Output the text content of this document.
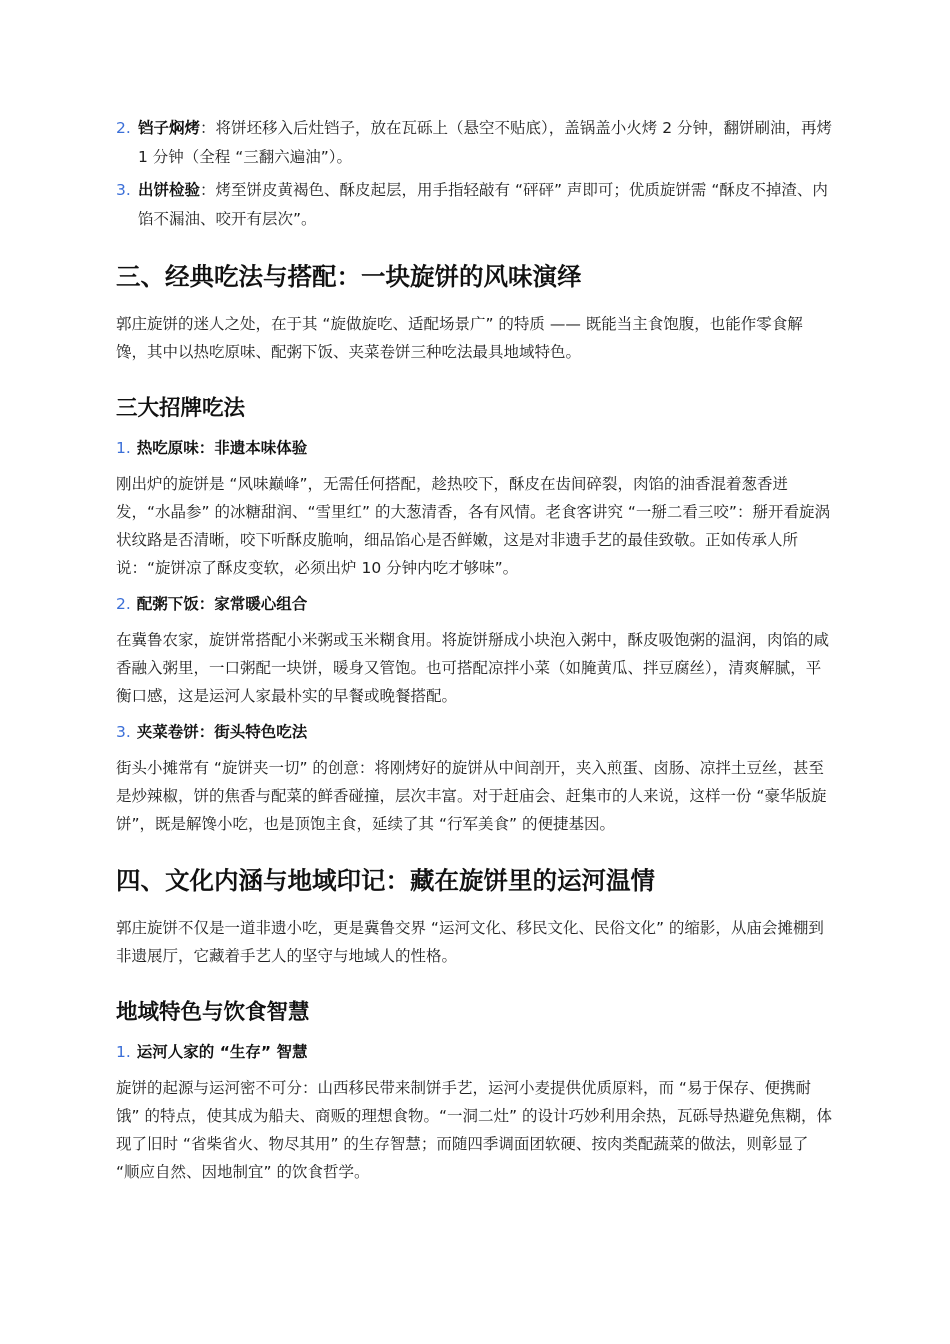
2. 铛子焖烤：将饼坯移入后灶铛子，放在瓦砾上（悬空不贴底），盖锅盖小火烤 2 分钟，翻饼刷油，再烤 1 分钟（全程 “三翻六遍油”）。
3. 出饼检验：烤至饼皮黄褐色、酥皮起层，用手指轻敲有 “砰砰” 声即可；优质旋饼需 “酥皮不掉渣、内馅不漏油、咬开有层次”。
三、经典吃法与搭配：一块旋饼的风味演绎

郭庄旋饼的迷人之处，在于其 “旋做旋吃、适配场景广” 的特质 —— 既能当主食饱腹，也能作零食解馋，其中以热吃原味、配粥下饭、夹菜卷饼三种吃法最具地域特色。

三大招牌吃法
1. 热吃原味：非遗本味体验

刚出炉的旋饼是 “风味巅峰”，无需任何搭配，趁热咬下，酥皮在齿间碎裂，肉馅的油香混着葱香迸发，“水晶参” 的冰糖甜润、“雪里红” 的大葱清香，各有风情。老食客讲究 “一掰二看三咬”：掰开看旋涡状纹路是否清晰，咬下听酥皮脆响，细品馅心是否鲜嫩，这是对非遗手艺的最佳致敬。正如传承人所说：“旋饼凉了酥皮变软，必须出炉 10 分钟内吃才够味”。

2. 配粥下饭：家常暖心组合

在冀鲁农家，旋饼常搭配小米粥或玉米糊食用。将旋饼掰成小块泡入粥中，酥皮吸饱粥的温润，肉馅的咸香融入粥里，一口粥配一块饼，暖身又管饱。也可搭配凉拌小菜（如腌黄瓜、拌豆腐丝），清爽解腻，平衡口感，这是运河人家最朴实的早餐或晚餐搭配。

3. 夹菜卷饼：街头特色吃法

街头小摊常有 “旋饼夹一切” 的创意：将刚烤好的旋饼从中间剖开，夹入煎蛋、卤肠、凉拌土豆丝，甚至是炒辣椒，饼的焦香与配菜的鲜香碰撞，层次丰富。对于赶庙会、赶集市的人来说，这样一份 “豪华版旋饼”，既是解馋小吃，也是顶饱主食，延续了其 “行军美食” 的便捷基因。

四、文化内涵与地域印记：藏在旋饼里的运河温情

郭庄旋饼不仅是一道非遗小吃，更是冀鲁交界 “运河文化、移民文化、民俗文化” 的缩影，从庙会摊棚到非遗展厅，它藏着手艺人的坚守与地域人的性格。

地域特色与饮食智慧
1. 运河人家的 “生存” 智慧

旋饼的起源与运河密不可分：山西移民带来制饼手艺，运河小麦提供优质原料，而 “易于保存、便携耐饿” 的特点，使其成为船夫、商贩的理想食物。“一洞二灶” 的设计巧妙利用余热，瓦砾导热避免焦糊，体现了旧时 “省柴省火、物尽其用” 的生存智慧；而随四季调面团软硬、按肉类配蔬菜的做法，则彰显了 “顺应自然、因地制宜” 的饮食哲学。
